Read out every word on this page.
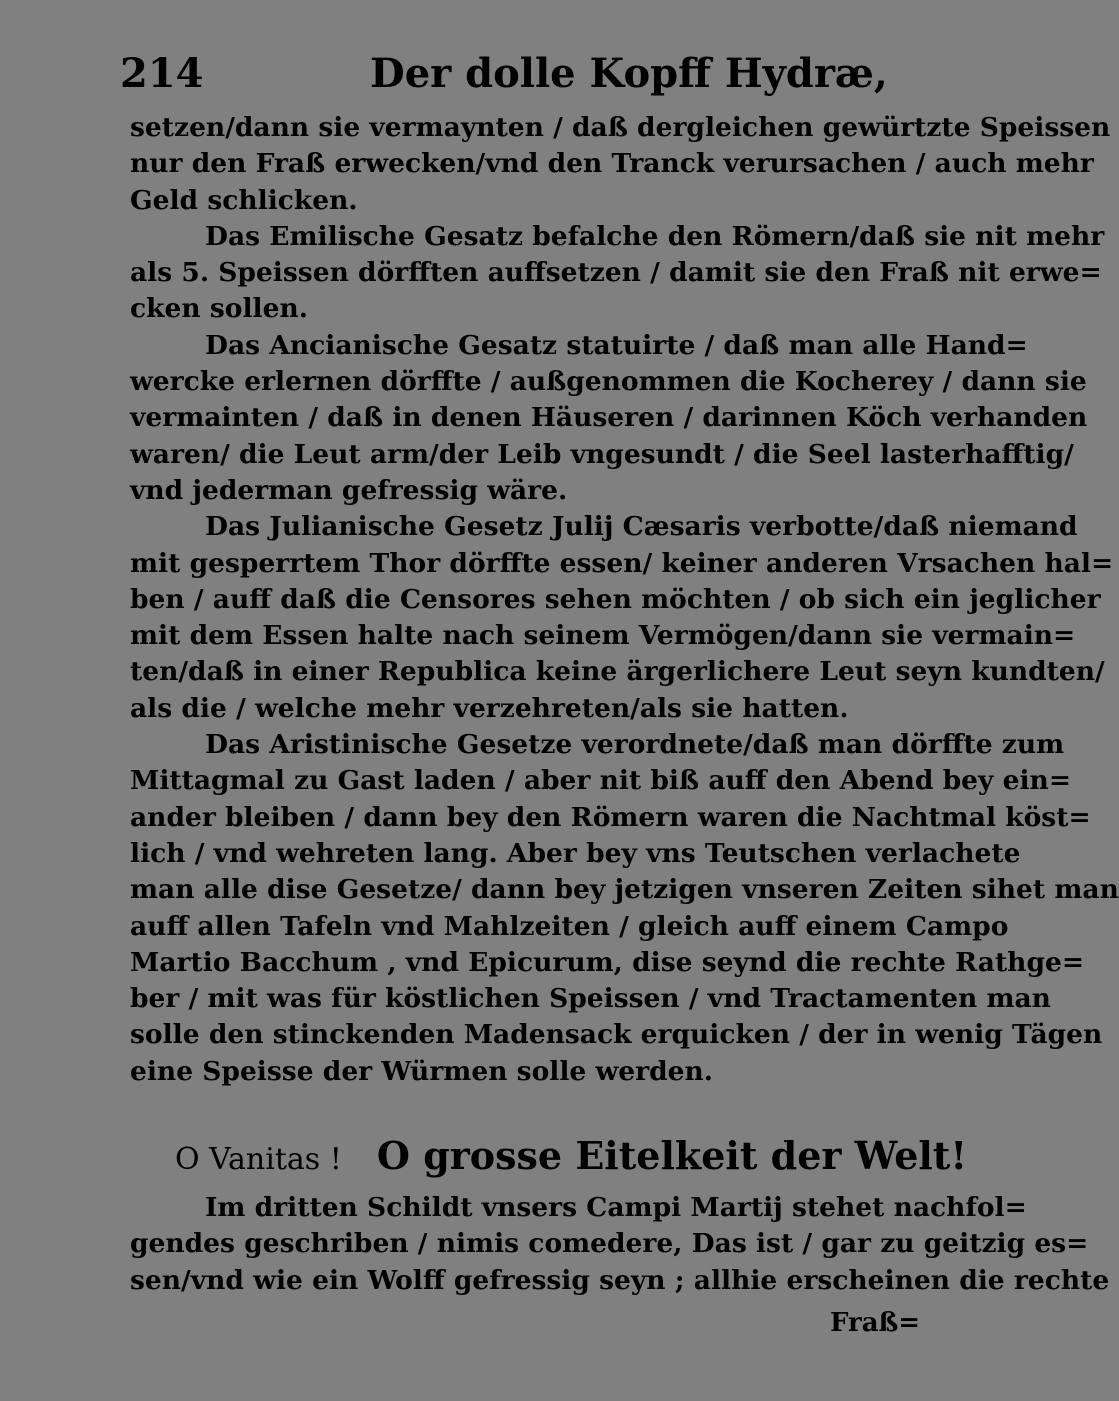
214	Der dolle Kopff Hydræ,
setzen/dann sie vermaynten / daß dergleichen gewürtzte Speissen
nur den Fraß erwecken/vnd den Tranck verursachen / auch mehr
Geld schlicken.
Das Emilische Gesatz befalche den Römern/daß sie nit mehr
als 5. Speissen dörfften auffsetzen / damit sie den Fraß nit erwe=
cken sollen.
Das Ancianische Gesatz statuirte / daß man alle Hand=
wercke erlernen dörffte / außgenommen die Kocherey / dann sie
vermainten / daß in denen Häuseren / darinnen Köch verhanden
waren/ die Leut arm/der Leib vngesundt / die Seel lasterhafftig/
vnd jederman gefressig wäre.
Das Julianische Gesetz Julij Cæsaris verbotte/daß niemand
mit gesperrtem Thor dörffte essen/ keiner anderen Vrsachen hal=
ben / auff daß die Censores sehen möchten / ob sich ein jeglicher
mit dem Essen halte nach seinem Vermögen/dann sie vermain=
ten/daß in einer Republica keine ärgerlichere Leut seyn kundten/
als die / welche mehr verzehreten/als sie hatten.
Das Aristinische Gesetze verordnete/daß man dörffte zum
Mittagmal zu Gast laden / aber nit biß auff den Abend bey ein=
ander bleiben / dann bey den Römern waren die Nachtmal köst=
lich / vnd wehreten lang. Aber bey vns Teutschen verlachete
man alle dise Gesetze/ dann bey jetzigen vnseren Zeiten sihet man
auff allen Tafeln vnd Mahlzeiten / gleich auff einem Campo
Martio Bacchum , vnd Epicurum, dise seynd die rechte Rathge=
ber / mit was für köstlichen Speissen / vnd Tractamenten man
solle den stinckenden Madensack erquicken / der in wenig Tägen
eine Speisse der Würmen solle werden.
O Vanitas ! O grosse Eitelkeit der Welt!
Im dritten Schildt vnsers Campi Martij stehet nachfol=
gendes geschriben / nimis comedere, Das ist / gar zu geitzig es=
sen/vnd wie ein Wolff gefressig seyn ; allhie erscheinen die rechte
Fraß=
